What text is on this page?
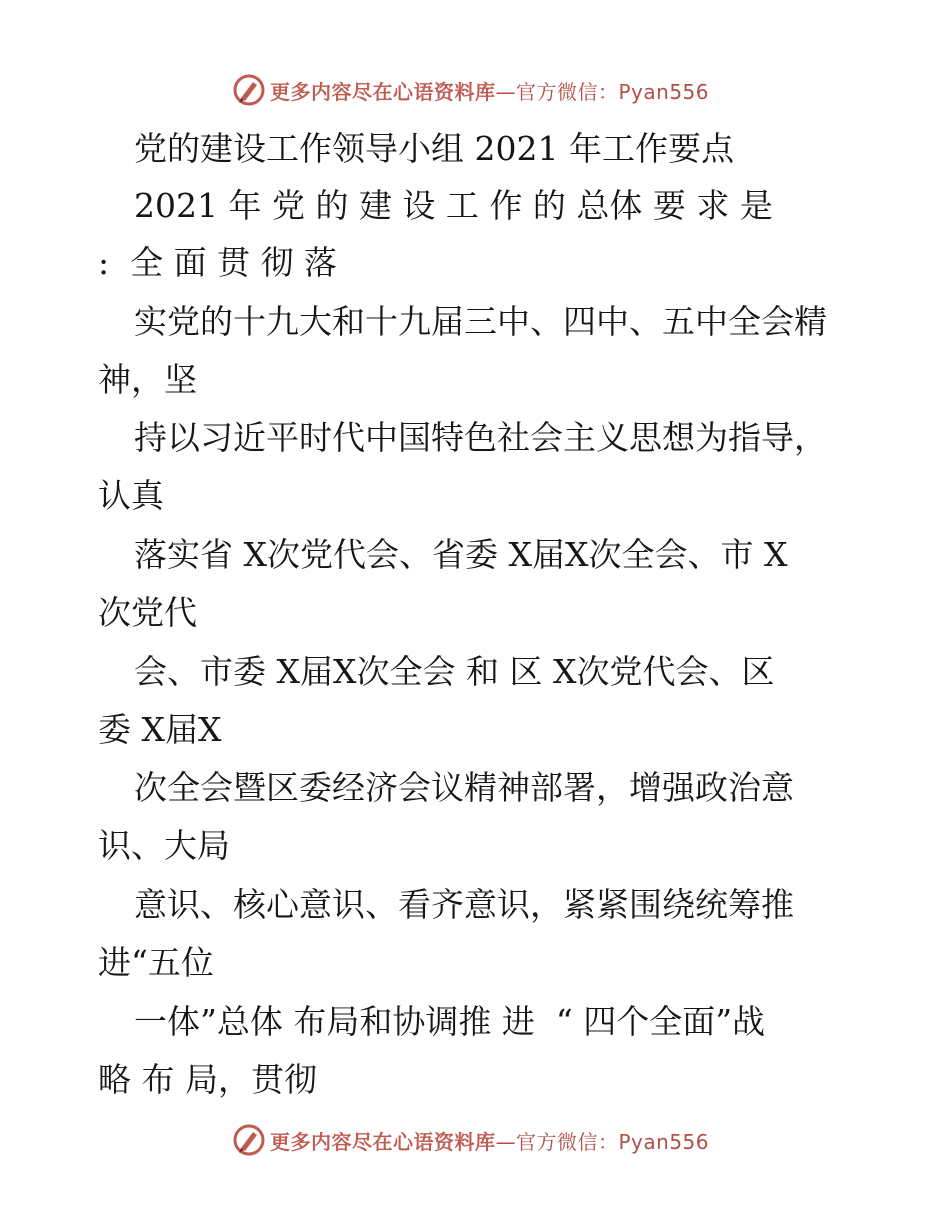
更多内容尽在心语资料库—官方微信：Pyan556
党的建设工作领导小组 2021 年工作要点
2021 年 党 的 建 设 工 作 的 总体 要 求 是
:  全 面 贯 彻 落
实党的十九大和十九届三中、四中、五中全会精
神，坚
持以习近平时代中国特色社会主义思想为指导，
认真
落实省 X次党代会、省委 X届X次全会、市 X
次党代
会、市委 X届X次全会 和 区 X次党代会、区
委 X届X
次全会暨区委经济会议精神部署，增强政治意
识、大局
意识、核心意识、看齐意识，紧紧围绕统筹推
进“五位
一体”总体 布局和协调推 进  “ 四个全面”战
略 布 局，贯彻
更多内容尽在心语资料库—官方微信：Pyan556
